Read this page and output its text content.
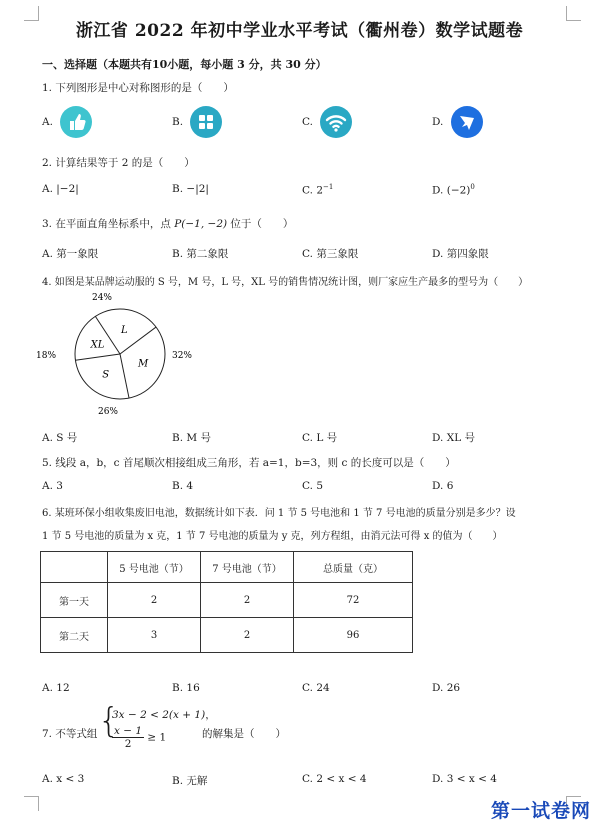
浙江省 2022 年初中学业水平考试（衢州卷）数学试题卷
一、选择题（本题共有10小题，每小题 3 分，共 30 分）
1. 下列图形是中心对称图形的是（　　）
A.	B.	C.	D.
2. 计算结果等于 2 的是（　　）
A. |−2|	B. −|2|	C. $2^{-1}$	D. $(-2)^0$
3. 在平面直角坐标系中，点 P(−1, −2) 位于（　　）
A. 第一象限	B. 第二象限	C. 第三象限	D. 第四象限
4. 如图是某品牌运动服的 S 号，M 号，L 号，XL 号的销售情况统计图，则厂家应生产最多的型号为（　　）
L
M
S
XL
24%
32%
26%
18%
A. S 号	B. M 号	C. L 号	D. XL 号
5. 线段 a，b，c 首尾顺次相接组成三角形，若 a=1，b=3，则 c 的长度可以是（　　）
A. 3	B. 4	C. 5	D. 6
6. 某班环保小组收集废旧电池，数据统计如下表．问 1 节 5 号电池和 1 节 7 号电池的质量分别是多少？设
1 节 5 号电池的质量为 x 克，1 节 7 号电池的质量为 y 克，列方程组，由消元法可得 x 的值为（　　）
	5 号电池（节）	7 号电池（节）	总质量（克）
第一天	2	2	72
第二天	3	2	96
A. 12	B. 16	C. 24	D. 26
7. 不等式组 {
3x − 2 < 2(x + 1)，
$\frac{x - 1}{2} \ge 1$	的解集是（　　）
A. x < 3	B. 无解	C. 2 < x < 4	D. 3 < x < 4
第一试卷网
